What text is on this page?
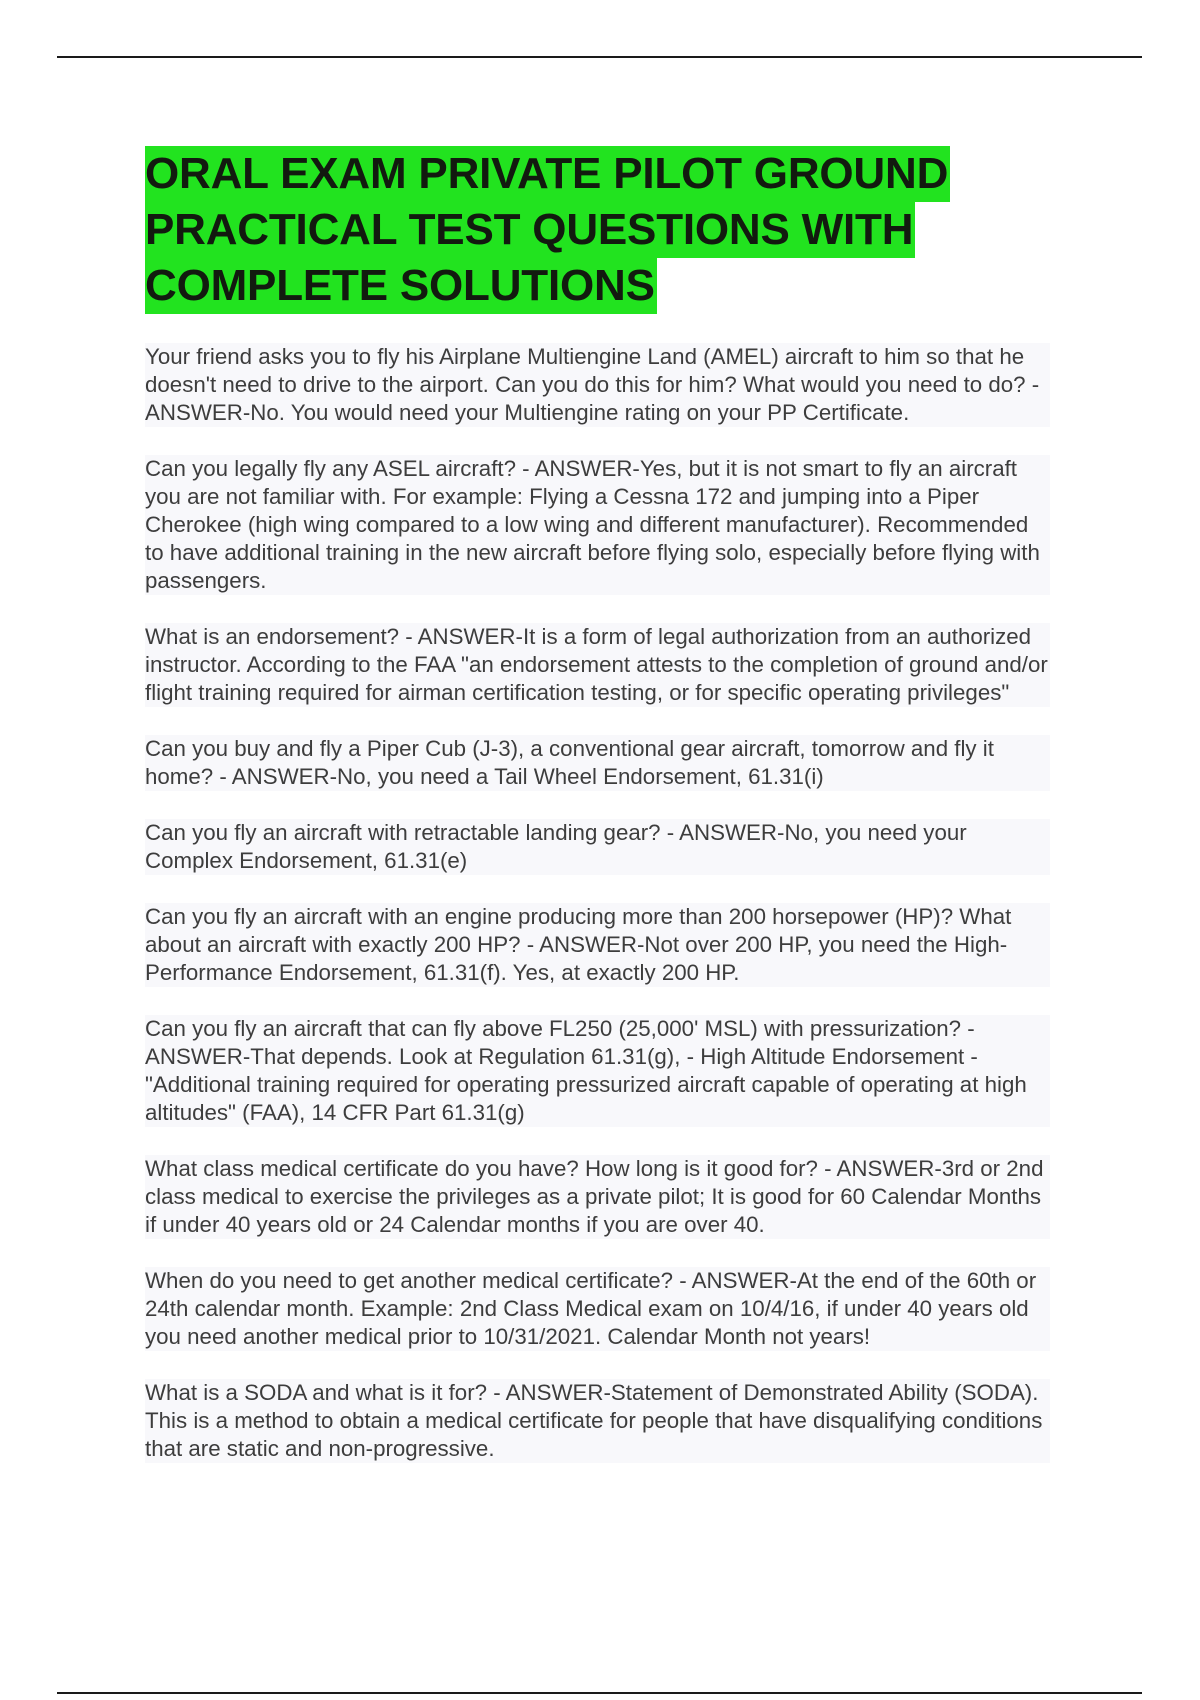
ORAL EXAM PRIVATE PILOT GROUND
PRACTICAL TEST QUESTIONS WITH
COMPLETE SOLUTIONS

Your friend asks you to fly his Airplane Multiengine Land (AMEL) aircraft to him so that he doesn't need to drive to the airport. Can you do this for him? What would you need to do? - ANSWER-No. You would need your Multiengine rating on your PP Certificate.

Can you legally fly any ASEL aircraft? - ANSWER-Yes, but it is not smart to fly an aircraft you are not familiar with. For example: Flying a Cessna 172 and jumping into a Piper Cherokee (high wing compared to a low wing and different manufacturer). Recommended to have additional training in the new aircraft before flying solo, especially before flying with passengers.

What is an endorsement? - ANSWER-It is a form of legal authorization from an authorized instructor. According to the FAA "an endorsement attests to the completion of ground and/or flight training required for airman certification testing, or for specific operating privileges"

Can you buy and fly a Piper Cub (J-3), a conventional gear aircraft, tomorrow and fly it home? - ANSWER-No, you need a Tail Wheel Endorsement, 61.31(i)

Can you fly an aircraft with retractable landing gear? - ANSWER-No, you need your Complex Endorsement, 61.31(e)

Can you fly an aircraft with an engine producing more than 200 horsepower (HP)? What about an aircraft with exactly 200 HP? - ANSWER-Not over 200 HP, you need the High-Performance Endorsement, 61.31(f). Yes, at exactly 200 HP.

Can you fly an aircraft that can fly above FL250 (25,000' MSL) with pressurization? - ANSWER-That depends. Look at Regulation 61.31(g), - High Altitude Endorsement -"Additional training required for operating pressurized aircraft capable of operating at high altitudes" (FAA), 14 CFR Part 61.31(g)

What class medical certificate do you have? How long is it good for? - ANSWER-3rd or 2nd class medical to exercise the privileges as a private pilot; It is good for 60 Calendar Months if under 40 years old or 24 Calendar months if you are over 40.

When do you need to get another medical certificate? - ANSWER-At the end of the 60th or 24th calendar month. Example: 2nd Class Medical exam on 10/4/16, if under 40 years old you need another medical prior to 10/31/2021. Calendar Month not years!

What is a SODA and what is it for? - ANSWER-Statement of Demonstrated Ability (SODA). This is a method to obtain a medical certificate for people that have disqualifying conditions that are static and non-progressive.
